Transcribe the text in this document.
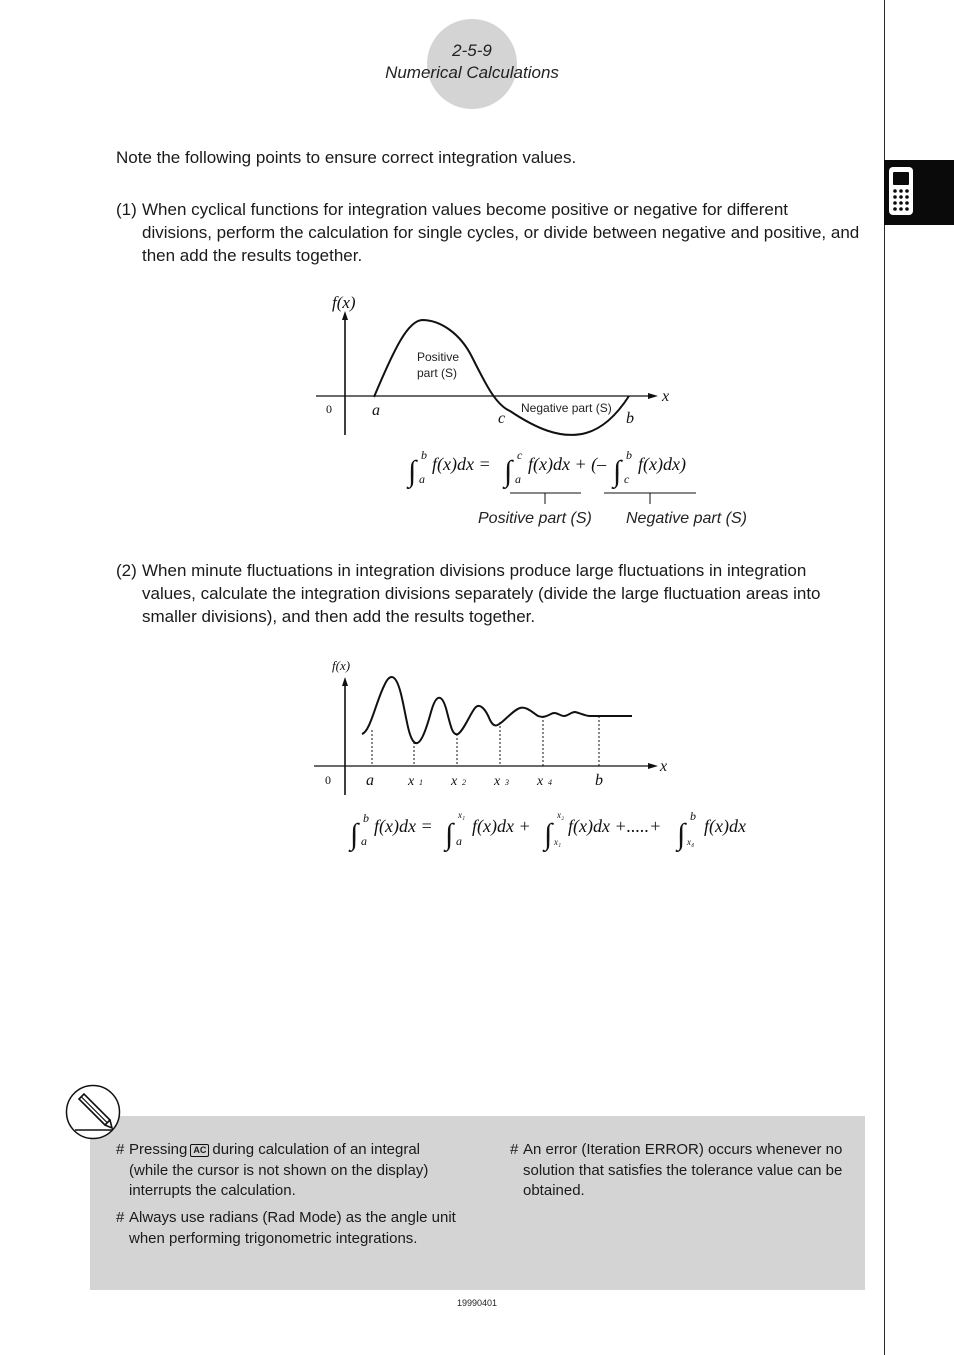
2-5-9
Numerical Calculations
Note the following points to ensure correct integration values.
(1) When cyclical functions for integration values become positive or negative for different divisions, perform the calculation for single cycles, or divide between negative and positive, and then add the results together.
f(x)
x
0	a	c	b
Positive
part (S)
Negative part (S)
∫ b
a
f(x)dx = ∫ c
a
f(x)dx + (– ∫ b
c
f(x)dx)
Positive part (S) Negative part (S)
(2) When minute fluctuations in integration divisions produce large fluctuations in integration values, calculate the integration divisions separately (divide the large fluctuation areas into smaller divisions), and then add the results together.
f(x)
x
0 a x 1 x 2 x 3 x 4	b
∫ b
a
f(x)dx = ∫
x₁
a
f(x)dx + ∫
x₂
x₁
f(x)dx +.....+ ∫
b
x₄
f(x)dx
# Pressing AC during calculation of an integral (while the cursor is not shown on the display) interrupts the calculation.
# Always use radians (Rad Mode) as the angle unit when performing trigonometric integrations.
# An error (Iteration ERROR) occurs whenever no solution that satisfies the tolerance value can be obtained.
19990401
